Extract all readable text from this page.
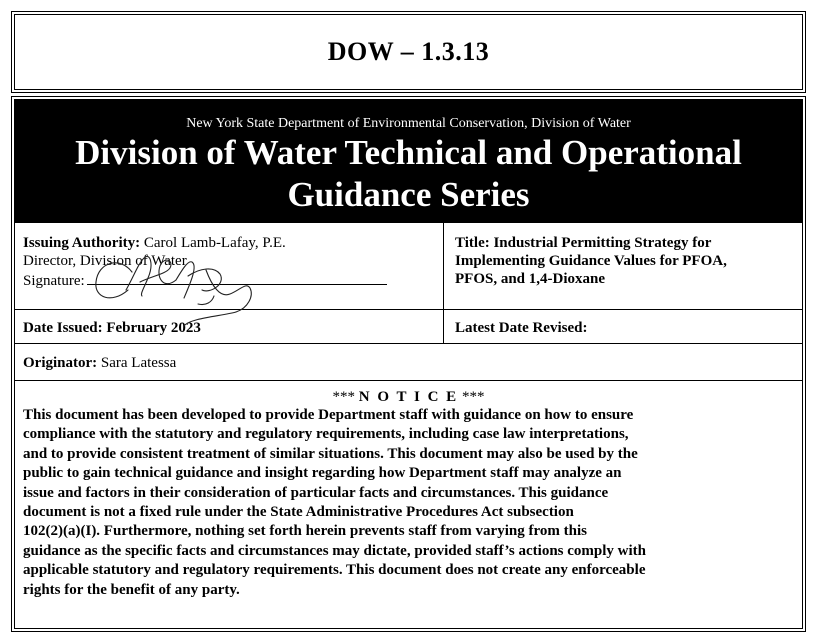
DOW – 1.3.13
New York State Department of Environmental Conservation, Division of Water
Division of Water Technical and Operational
Guidance Series
Issuing Authority: Carol Lamb-Lafay, P.E.
Director, Division of Water
Signature:
Title: Industrial Permitting Strategy for
Implementing Guidance Values for PFOA,
PFOS, and 1,4-Dioxane
Date Issued: February 2023	Latest Date Revised:
Originator: Sara Latessa
*** N O T I C E ***
This document has been developed to provide Department staff with guidance on how to ensure
compliance with the statutory and regulatory requirements, including case law interpretations,
and to provide consistent treatment of similar situations. This document may also be used by the
public to gain technical guidance and insight regarding how Department staff may analyze an
issue and factors in their consideration of particular facts and circumstances. This guidance
document is not a fixed rule under the State Administrative Procedures Act subsection
102(2)(a)(I). Furthermore, nothing set forth herein prevents staff from varying from this
guidance as the specific facts and circumstances may dictate, provided staff’s actions comply with
applicable statutory and regulatory requirements. This document does not create any enforceable
rights for the benefit of any party.
